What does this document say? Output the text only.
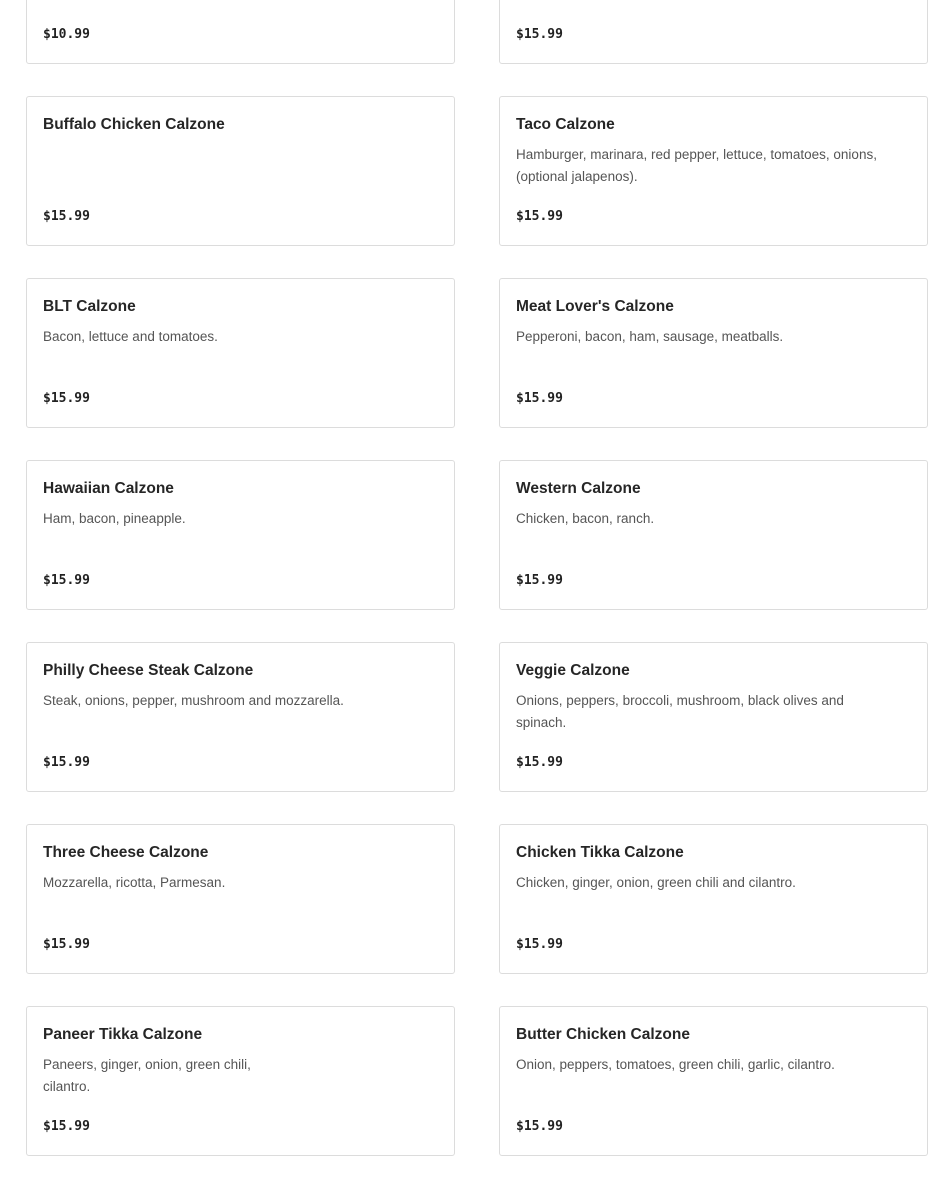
$10.99	$15.99
Buffalo Chicken Calzone
$15.99
Taco Calzone
Hamburger, marinara, red pepper, lettuce, tomatoes, onions, (optional jalapenos).
$15.99
BLT Calzone
Bacon, lettuce and tomatoes.
$15.99
Meat Lover's Calzone
Pepperoni, bacon, ham, sausage, meatballs.
$15.99
Hawaiian Calzone
Ham, bacon, pineapple.
$15.99
Western Calzone
Chicken, bacon, ranch.
$15.99
Philly Cheese Steak Calzone
Steak, onions, pepper, mushroom and mozzarella.
$15.99
Veggie Calzone
Onions, peppers, broccoli, mushroom, black olives and spinach.
$15.99
Three Cheese Calzone
Mozzarella, ricotta, Parmesan.
$15.99
Chicken Tikka Calzone
Chicken, ginger, onion, green chili and cilantro.
$15.99
Paneer Tikka Calzone
Paneers, ginger, onion, green chili, cilantro.
$15.99
Butter Chicken Calzone
Onion, peppers, tomatoes, green chili, garlic, cilantro.
$15.99
